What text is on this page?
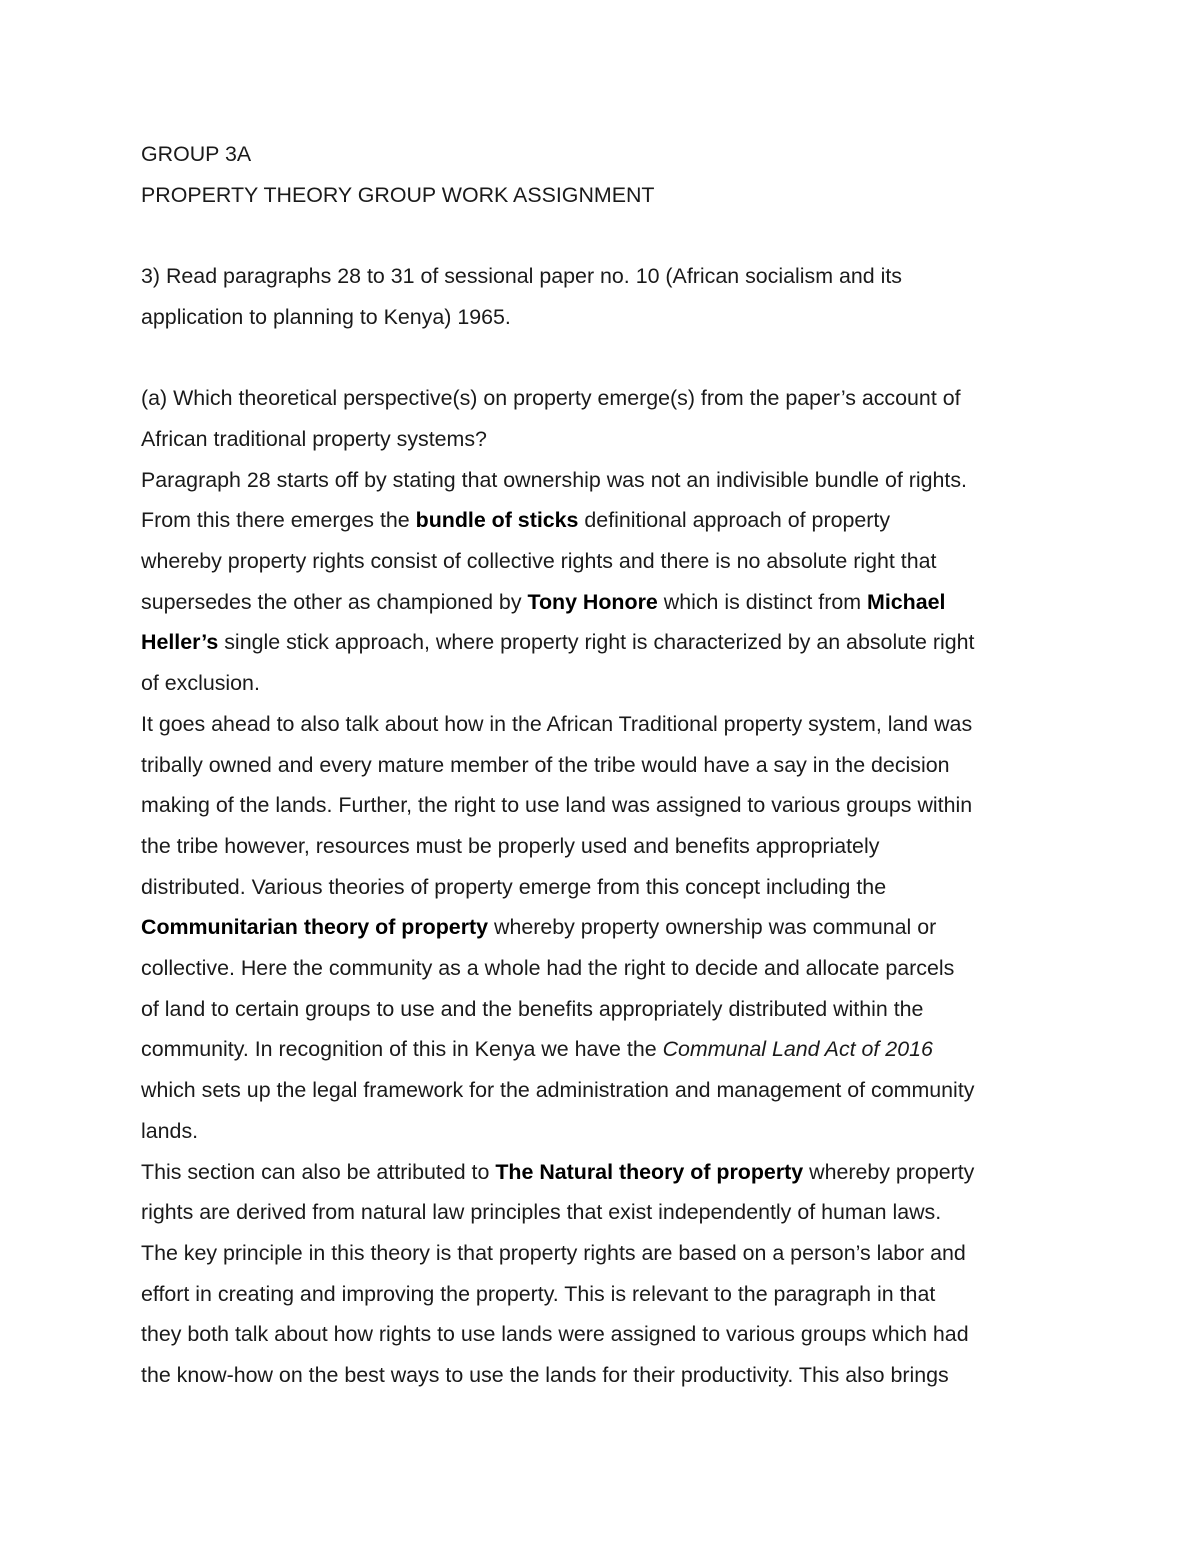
GROUP 3A

PROPERTY THEORY GROUP WORK ASSIGNMENT

3) Read paragraphs 28 to 31 of sessional paper no. 10 (African socialism and its

application to planning to Kenya) 1965.

(a) Which theoretical perspective(s) on property emerge(s) from the paper’s account of

African traditional property systems?

Paragraph 28 starts off by stating that ownership was not an indivisible bundle of rights.

From this there emerges the bundle of sticks definitional approach of property

whereby property rights consist of collective rights and there is no absolute right that

supersedes the other as championed by Tony Honore which is distinct from Michael

Heller’s single stick approach, where property right is characterized by an absolute right

of exclusion.

It goes ahead to also talk about how in the African Traditional property system, land was

tribally owned and every mature member of the tribe would have a say in the decision

making of the lands. Further, the right to use land was assigned to various groups within

the tribe however, resources must be properly used and benefits appropriately

distributed. Various theories of property emerge from this concept including the

Communitarian theory of property whereby property ownership was communal or

collective. Here the community as a whole had the right to decide and allocate parcels

of land to certain groups to use and the benefits appropriately distributed within the

community. In recognition of this in Kenya we have the Communal Land Act of 2016

which sets up the legal framework for the administration and management of community

lands.

This section can also be attributed to The Natural theory of property whereby property

rights are derived from natural law principles that exist independently of human laws.

The key principle in this theory is that property rights are based on a person’s labor and

effort in creating and improving the property. This is relevant to the paragraph in that

they both talk about how rights to use lands were assigned to various groups which had

the know-how on the best ways to use the lands for their productivity. This also brings
